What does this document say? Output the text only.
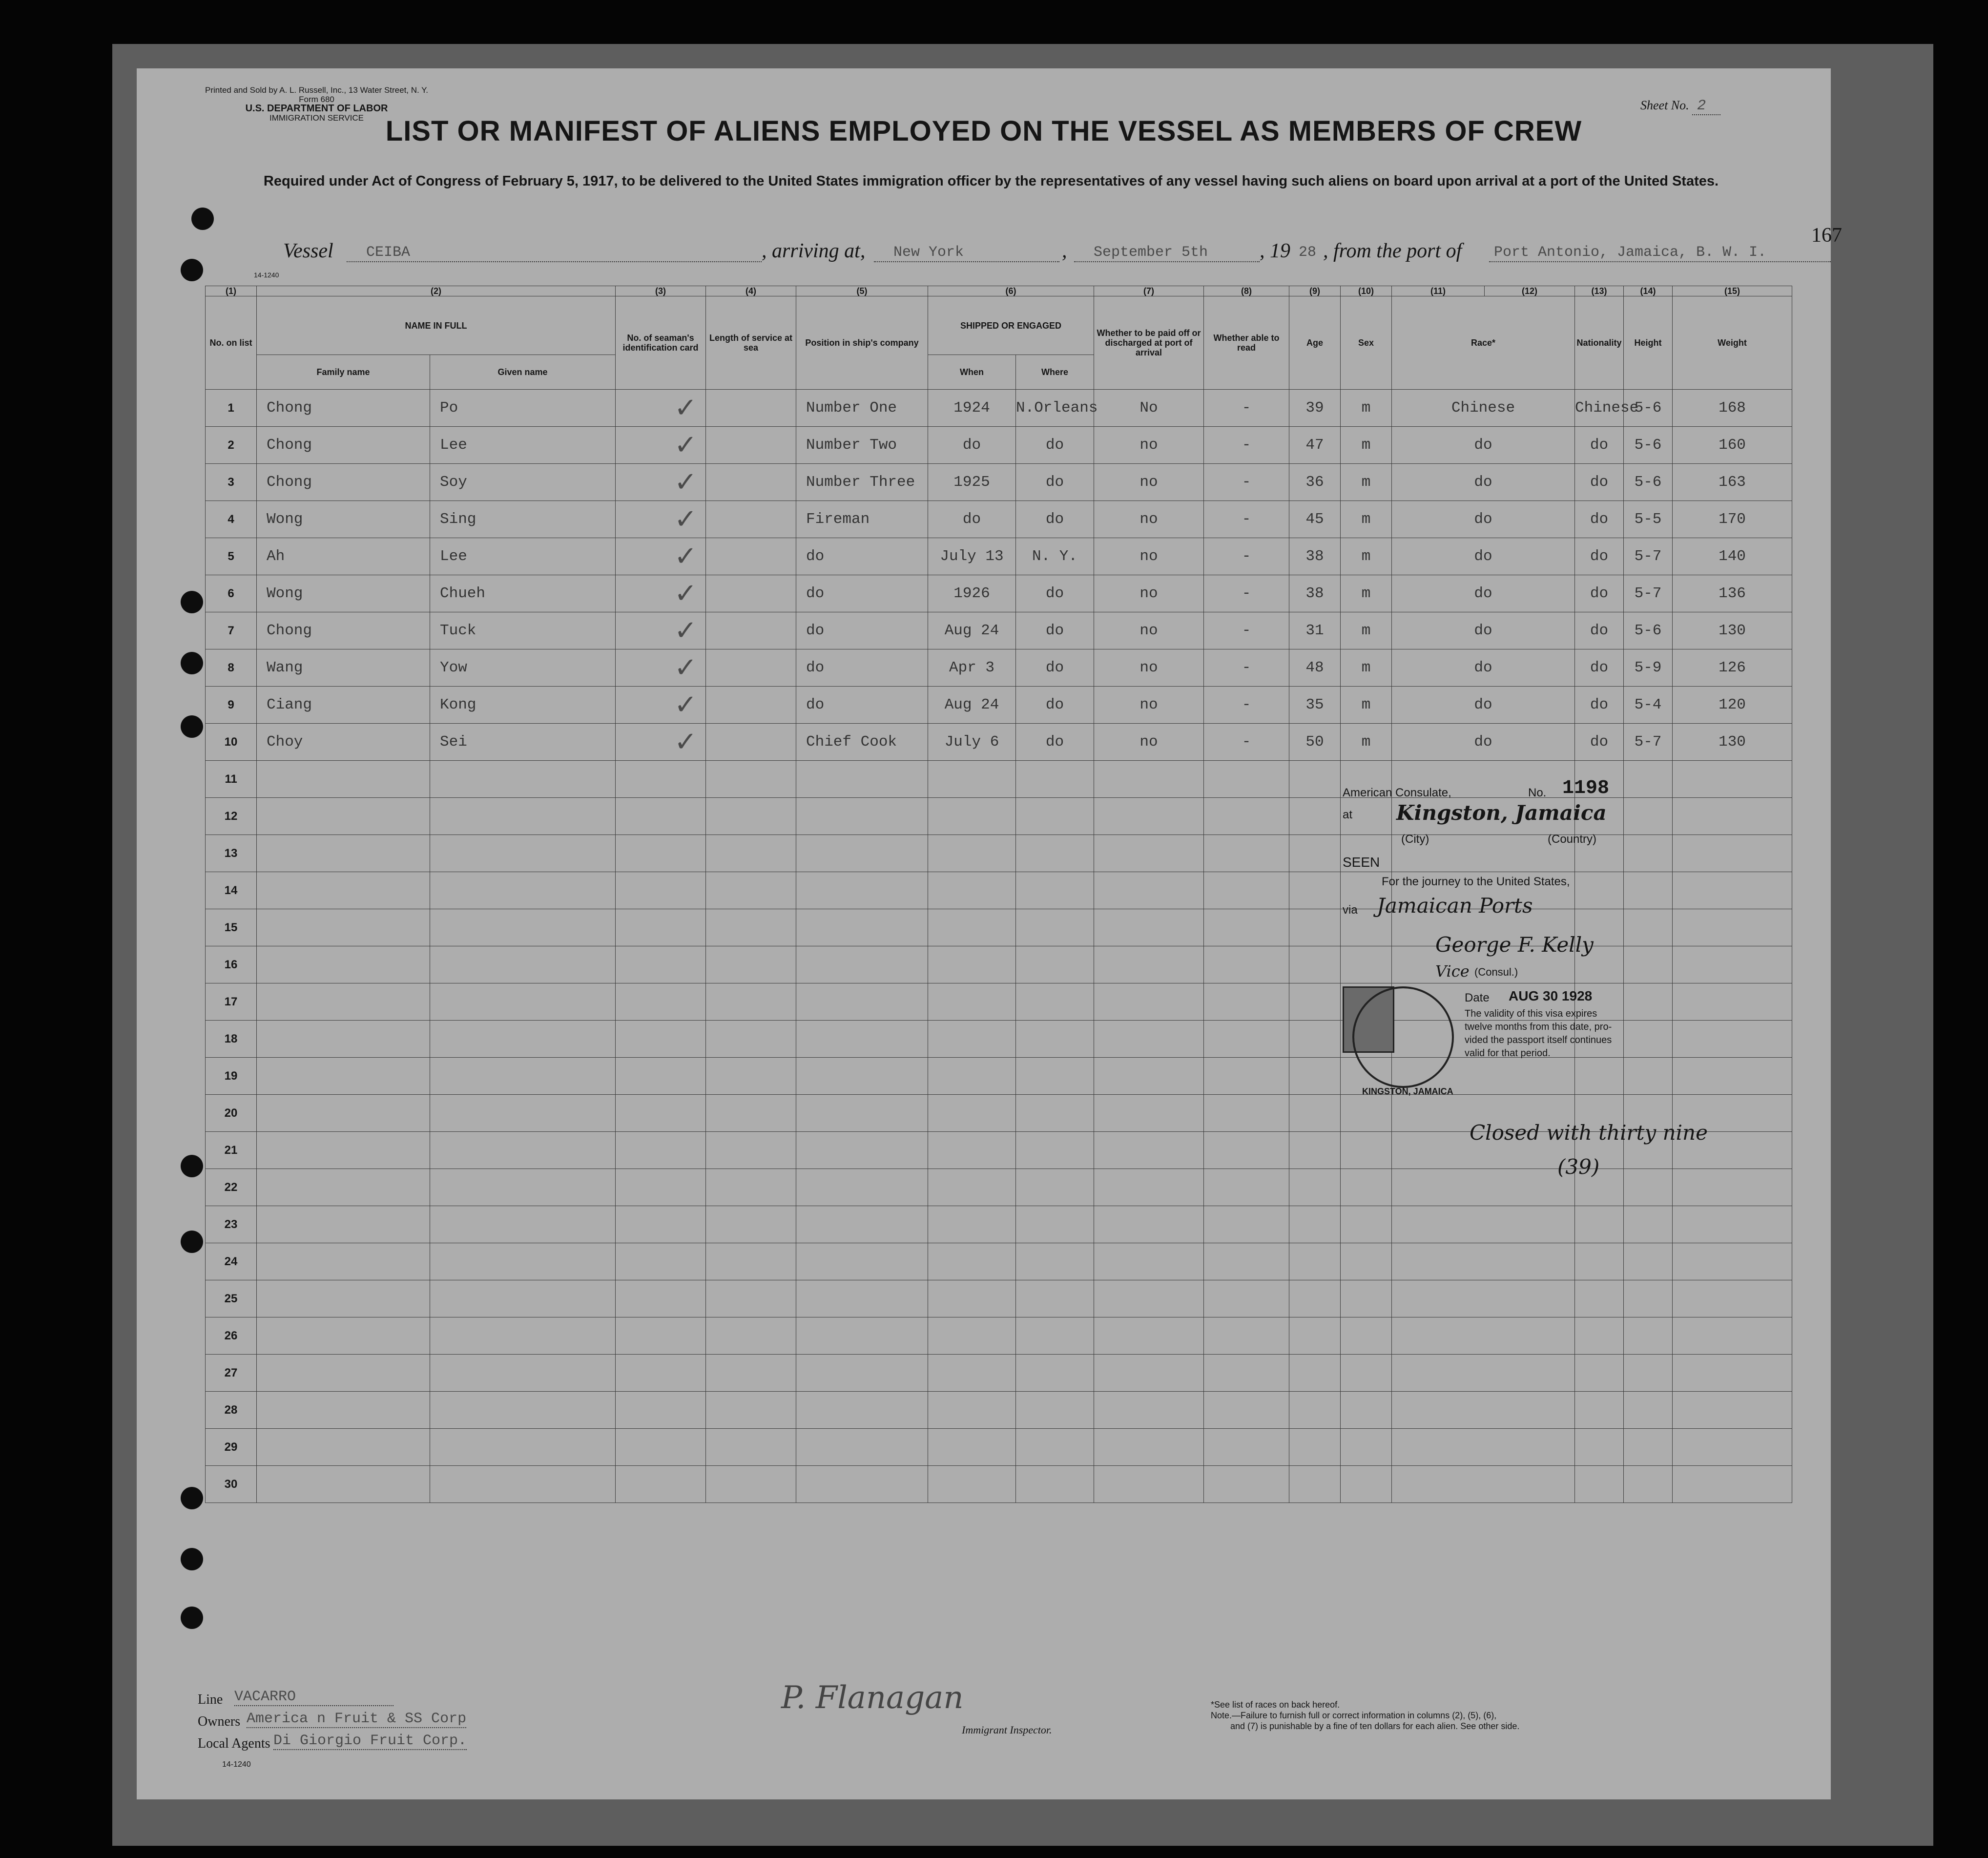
Printed and Sold by A. L. Russell, Inc., 13 Water Street, N. Y.
Form 680
U.S. DEPARTMENT OF LABOR
IMMIGRATION SERVICE
Sheet No. 2
LIST OR MANIFEST OF ALIENS EMPLOYED ON THE VESSEL AS MEMBERS OF CREW
Required under Act of Congress of February 5, 1917, to be delivered to the United States immigration officer by the representatives of any vessel having such aliens on board upon arrival at a port of the United States.
167
14-1240
Vessel CEIBA	, arriving at, New York	, September 5th	, 19 28 , from the port of Port Antonio, Jamaica, B. W. I.
(1)	(2)		(3)	(4)	(5)	(6)		(7)	(8)	(9)	(10)	(11)	(12)	(13)	(14)	(15)	
No. on list	NAME IN FULL		No. of seaman's identification card	Length of service at sea	Position in ship's company	SHIPPED OR ENGAGED		Whether to be paid off or discharged at port of arrival	Whether able to read	Age	Sex	Race*		Nationality	Height	Weight	
	Family name	Given name				When	Where										
1	Chong	Po	✓		Number One	1924	N.Orleans	No	-	39	m	Chinese		Chinese	5-6	168	
2	Chong	Lee	✓		Number Two	do	do	no	-	47	m	do		do	5-6	160	
3	Chong	Soy	✓		Number Three	1925	do	no	-	36	m	do		do	5-6	163	
4	Wong	Sing	✓		Fireman	do	do	no	-	45	m	do		do	5-5	170	
5	Ah	Lee	✓		do	July 13	N. Y.	no	-	38	m	do		do	5-7	140	
6	Wong	Chueh	✓		do	1926	do	no	-	38	m	do		do	5-7	136	
7	Chong	Tuck	✓		do	Aug 24	do	no	-	31	m	do		do	5-6	130	
8	Wang	Yow	✓		do	Apr 3	do	no	-	48	m	do		do	5-9	126	
9	Ciang	Kong	✓		do	Aug 24	do	no	-	35	m	do		do	5-4	120	
10	Choy	Sei	✓		Chief Cook	July 6	do	no	-	50	m	do		do	5-7	130	
11																	
12																	
13																	
14																	
15																	
16																	
17																	
18																	
19																	
20																	
21																	
22																	
23																	
24																	
25																	
26																	
27																	
28																	
29																	
30																	
American Consulate,	No. 1198
at Kingston, Jamaica
(City)	(Country)
SEEN
For the journey to the United States,
via Jamaican Ports
George F. Kelly
Vice (Consul.)
Date AUG 30 1928
The validity of this visa expires
twelve months from this date, pro-
vided the passport itself continues
valid for that period.
KINGSTON, JAMAICA
Closed with thirty nine
(39)
Line VACARRO
Owners America n Fruit & SS Corp
Local Agents Di Giorgio Fruit Corp.
14-1240
P. Flanagan
Immigrant Inspector.
*See list of races on back hereof.
Note.—Failure to furnish full or correct information in columns (2), (5), (6),
and (7) is punishable by a fine of ten dollars for each alien. See other side.
